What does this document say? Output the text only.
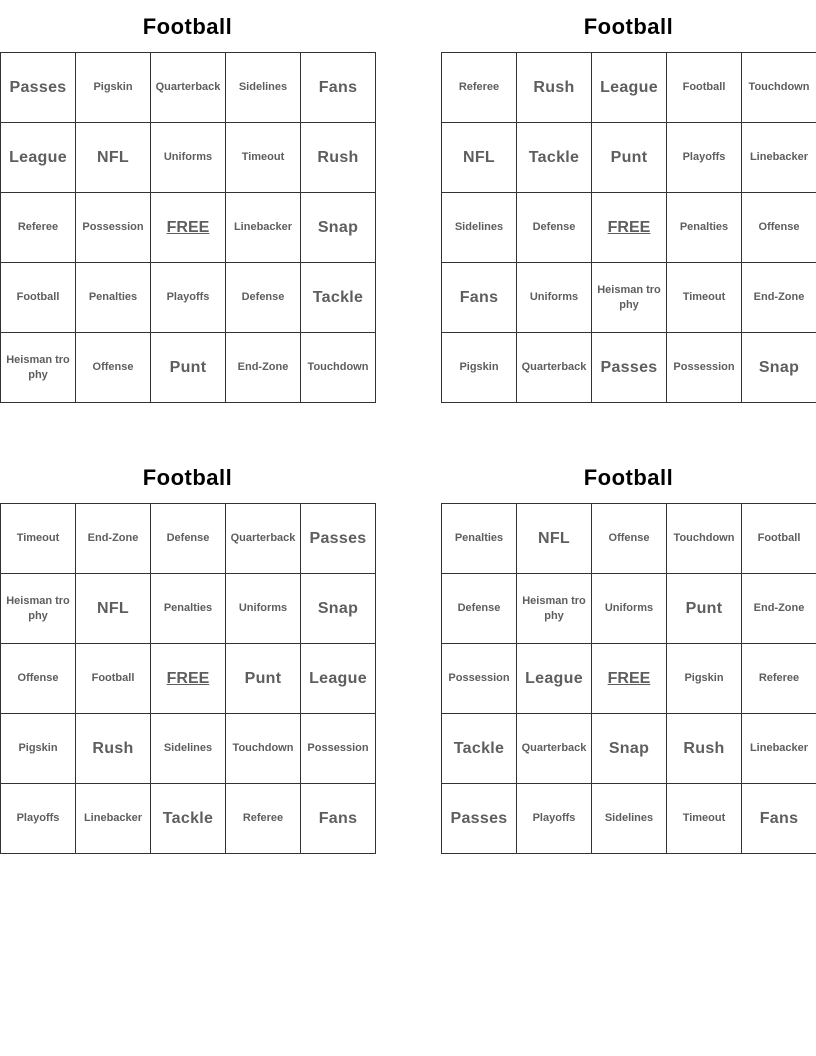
Football
Passes	Pigskin	Quarterback	Sidelines	Fans
League	NFL	Uniforms	Timeout	Rush
Referee	Possession	FREE	Linebacker	Snap
Football	Penalties	Playoffs	Defense	Tackle
Heisman trophy	Offense	Punt	End-Zone	Touchdown
Football
Referee	Rush	League	Football	Touchdown
NFL	Tackle	Punt	Playoffs	Linebacker
Sidelines	Defense	FREE	Penalties	Offense
Fans	Uniforms	Heisman trophy	Timeout	End-Zone
Pigskin	Quarterback	Passes	Possession	Snap
Football
Timeout	End-Zone	Defense	Quarterback	Passes
Heisman trophy	NFL	Penalties	Uniforms	Snap
Offense	Football	FREE	Punt	League
Pigskin	Rush	Sidelines	Touchdown	Possession
Playoffs	Linebacker	Tackle	Referee	Fans
Football
Penalties	NFL	Offense	Touchdown	Football
Defense	Heisman trophy	Uniforms	Punt	End-Zone
Possession	League	FREE	Pigskin	Referee
Tackle	Quarterback	Snap	Rush	Linebacker
Passes	Playoffs	Sidelines	Timeout	Fans
